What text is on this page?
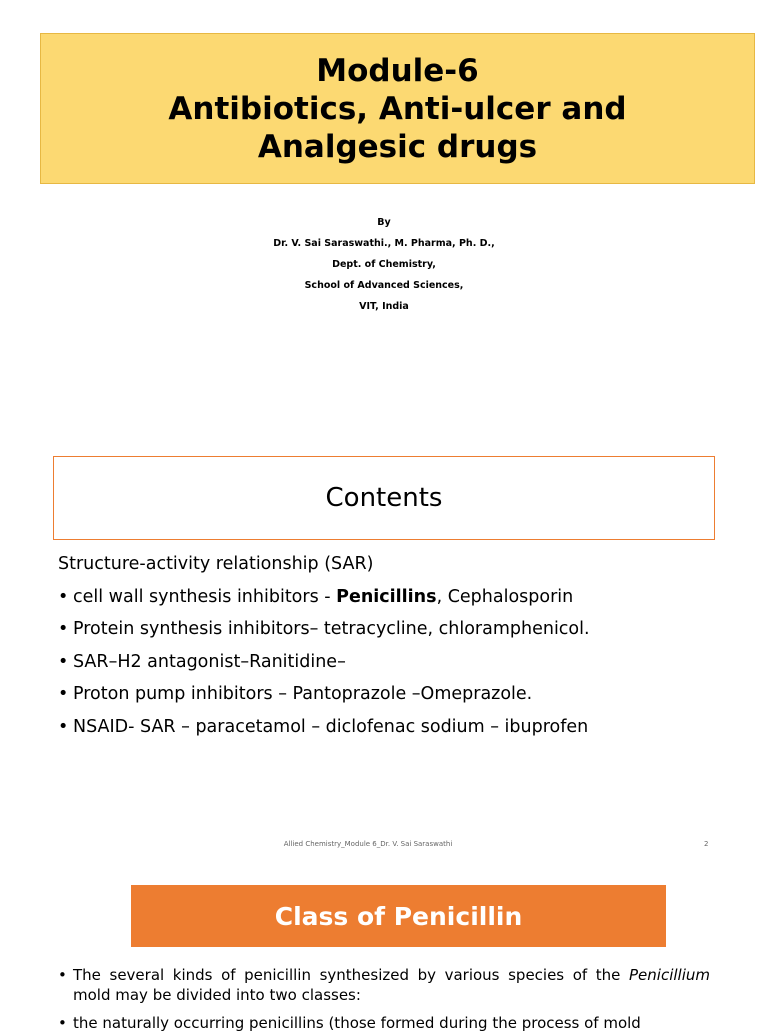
Module-6
Antibiotics, Anti-ulcer and
Analgesic drugs
By
Dr. V. Sai Saraswathi., M. Pharma, Ph. D.,
Dept. of Chemistry,
School of Advanced Sciences,
VIT, India
Contents
Structure-activity relationship (SAR)
• cell wall synthesis inhibitors - Penicillins, Cephalosporin
• Protein synthesis inhibitors– tetracycline, chloramphenicol.
• SAR–H2 antagonist–Ranitidine–
• Proton pump inhibitors – Pantoprazole –Omeprazole.
• NSAID- SAR – paracetamol – diclofenac sodium – ibuprofen
Allied Chemistry_Module 6_Dr. V. Sai Saraswathi	2
Class of Penicillin
• The several kinds of penicillin synthesized by various species of the Penicillium mold may be divided into two classes:
• the naturally occurring penicillins (those formed during the process of mold
